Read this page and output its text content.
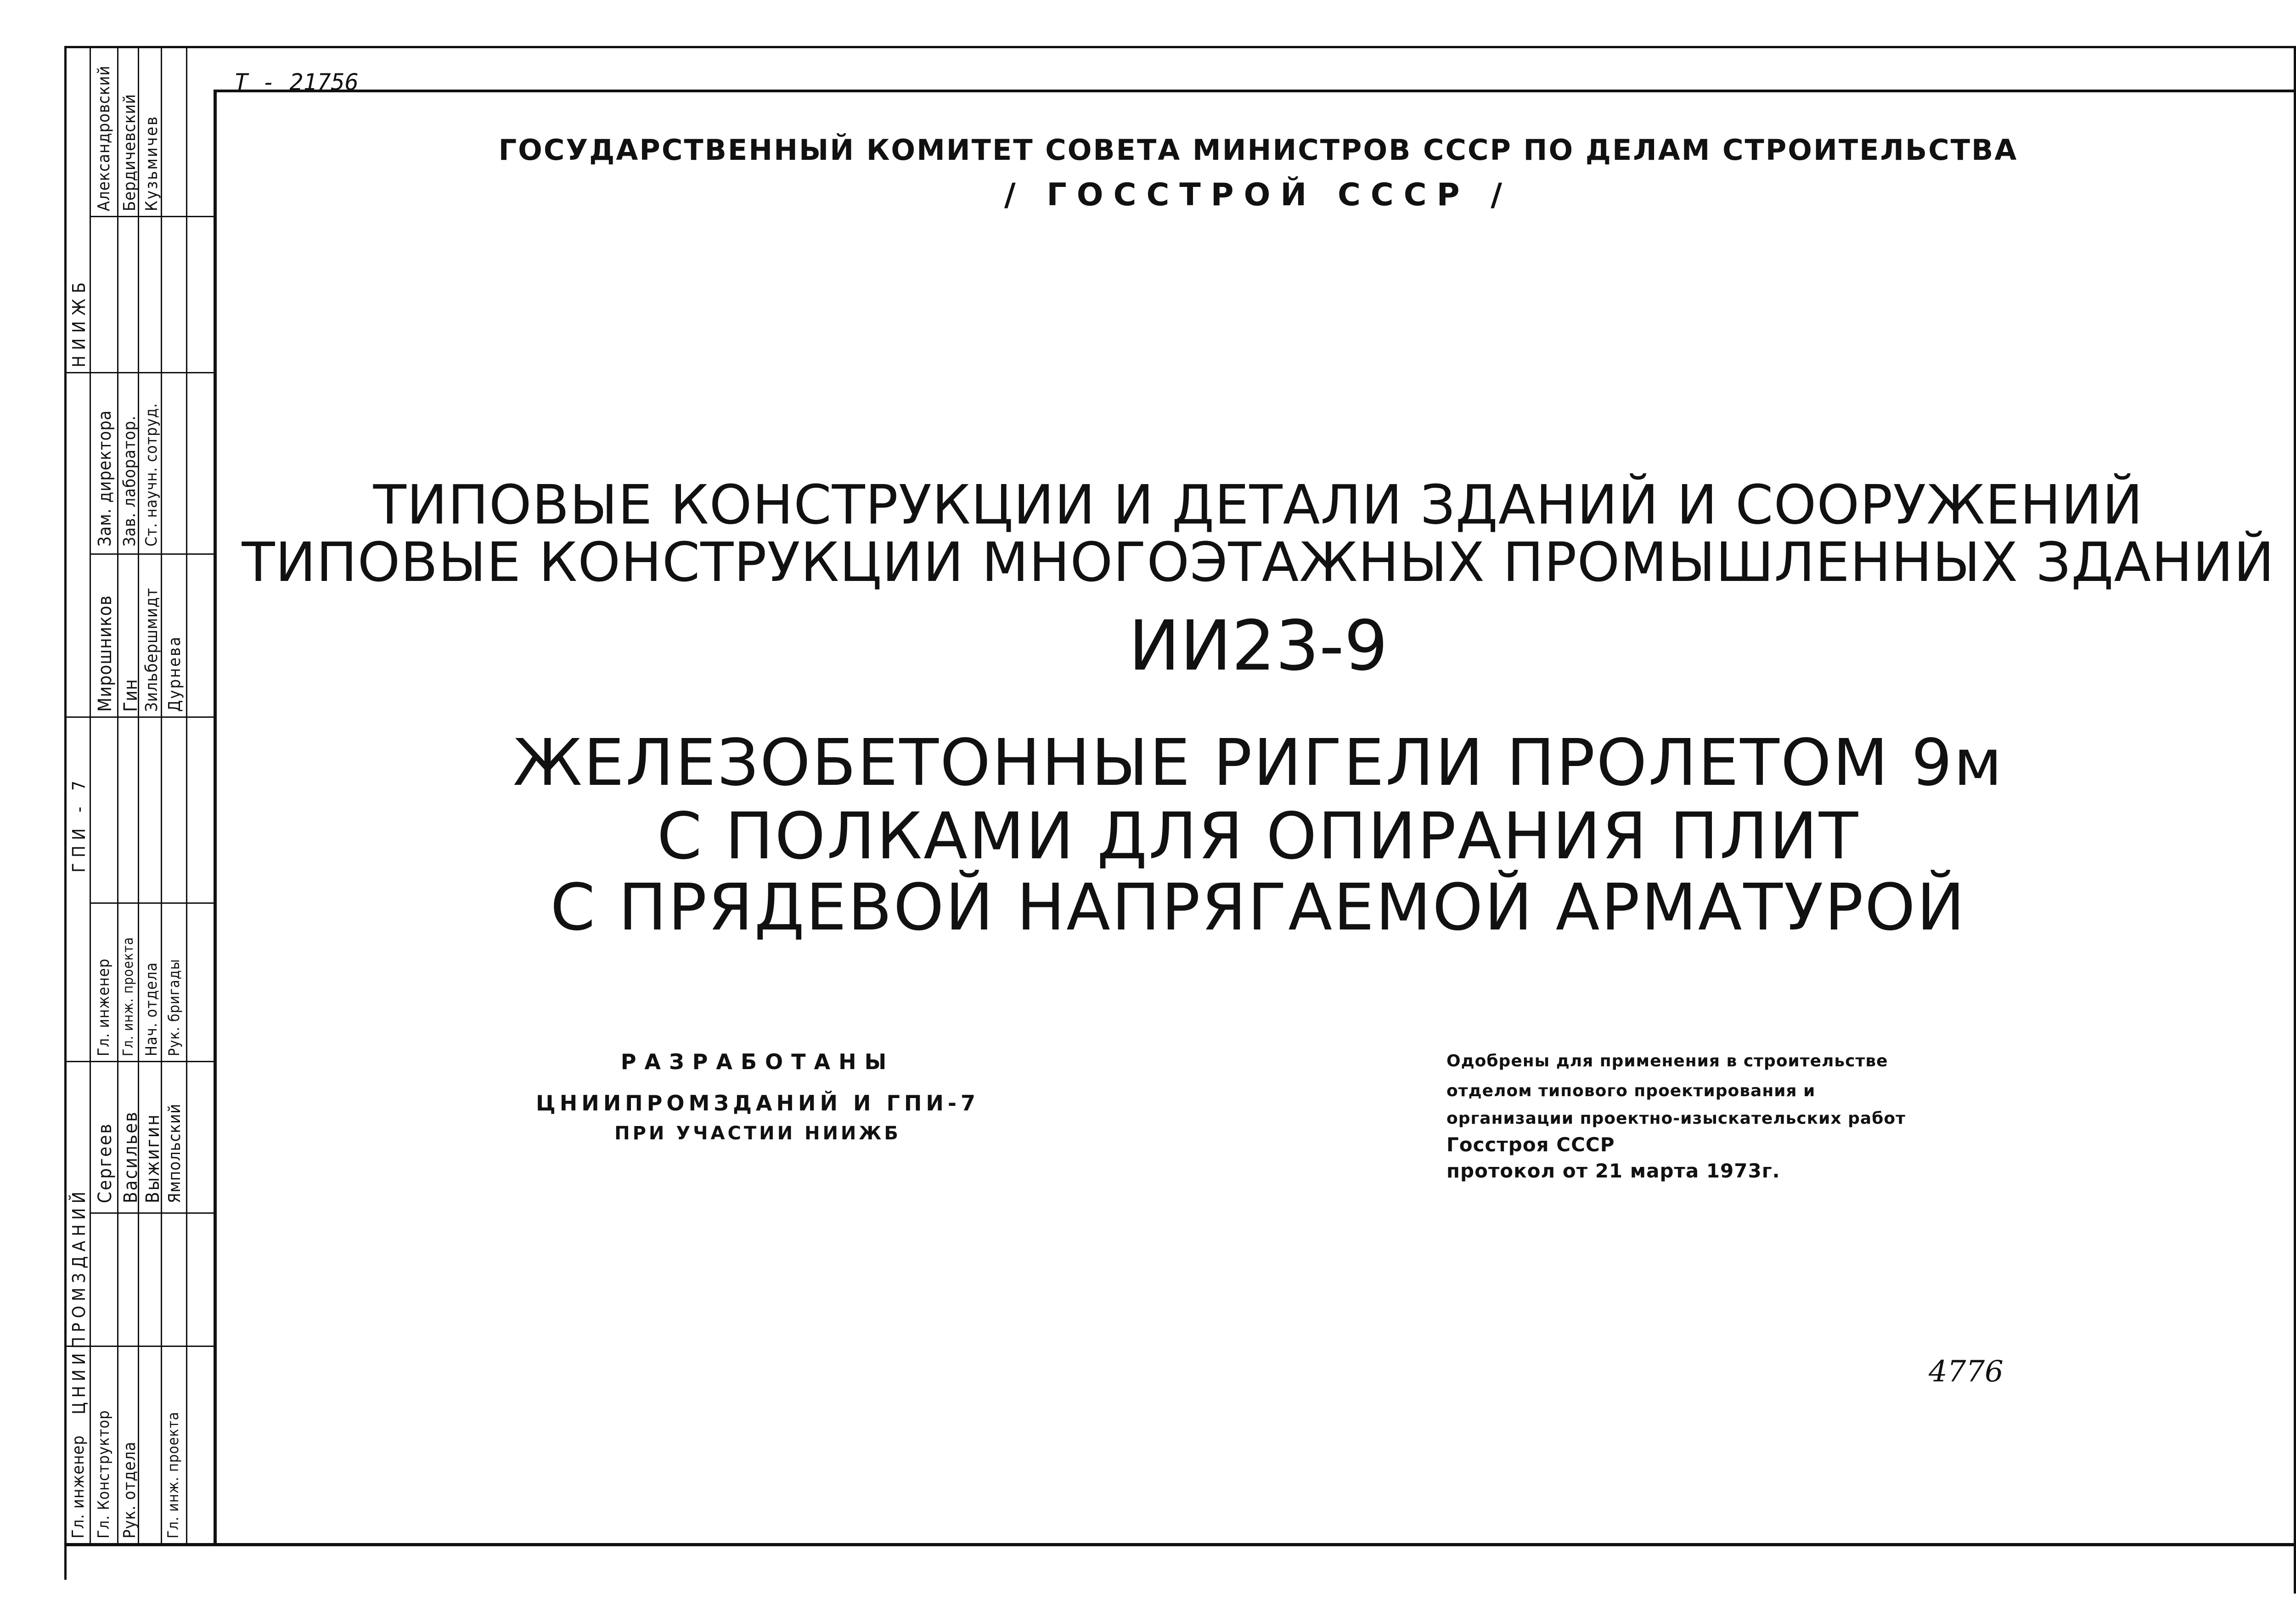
ЦНИИПРОМЗДАНИЙ
ГПИ - 7
НИИЖБ
Гл. инженер Гл. Конструктор Рук. отдела Гл. инж. проекта
Сергеев Васильев Выжигин Ямпольский
Гл. инженер Гл. инж. проекта Нач. отдела Рук. бригады
Мирошников Гин Зильбершмидт Дурнева
Зам. директора Зав. лаборатор. Ст. научн. сотруд.
Александровский Бердичевский Кузьмичев
Т - 21756
ГОСУДАРСТВЕННЫЙ КОМИТЕТ СОВЕТА МИНИСТРОВ СССР ПО ДЕЛАМ СТРОИТЕЛЬСТВА
/ ГОССТРОЙ СССР /
ТИПОВЫЕ КОНСТРУКЦИИ И ДЕТАЛИ ЗДАНИЙ И СООРУЖЕНИЙ
ТИПОВЫЕ КОНСТРУКЦИИ МНОГОЭТАЖНЫХ ПРОМЫШЛЕННЫХ ЗДАНИЙ
ИИ23-9
ЖЕЛЕЗОБЕТОННЫЕ РИГЕЛИ ПРОЛЕТОМ 9м
С ПОЛКАМИ ДЛЯ ОПИРАНИЯ ПЛИТ
С ПРЯДЕВОЙ НАПРЯГАЕМОЙ АРМАТУРОЙ
РАЗРАБОТАНЫ
ЦНИИПРОМЗДАНИЙ И ГПИ-7
ПРИ УЧАСТИИ НИИЖБ
Одобрены для применения в строительстве
отделом типового проектирования и
организации проектно-изыскательских работ
Госстроя СССР
протокол от 21 марта 1973г.
4776
